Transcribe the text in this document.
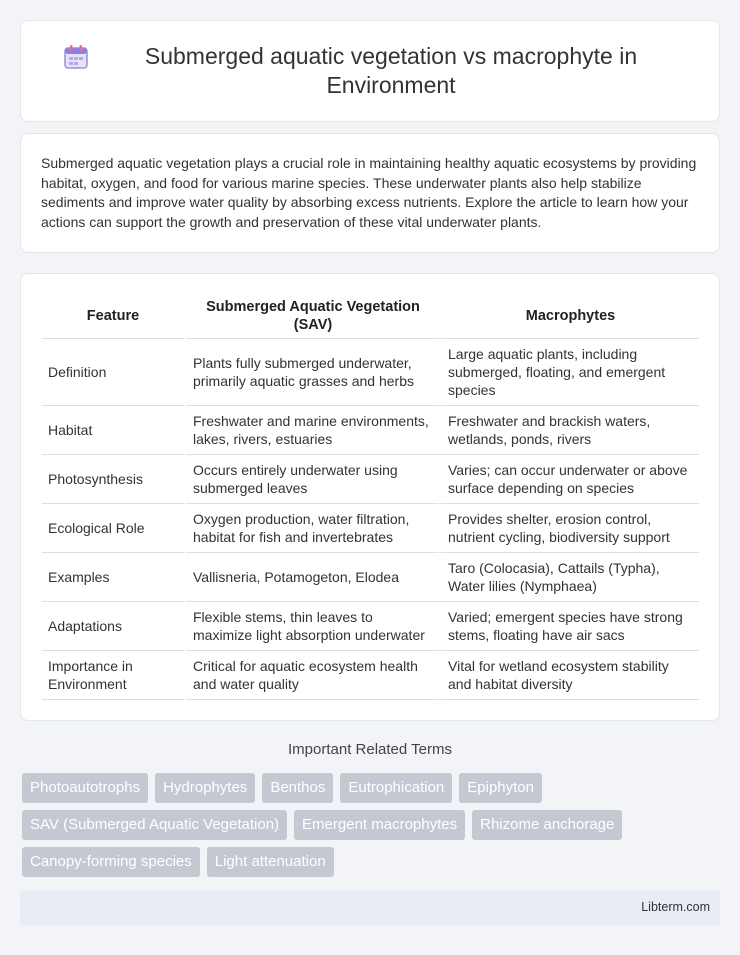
Submerged aquatic vegetation vs macrophyte in Environment

Submerged aquatic vegetation plays a crucial role in maintaining healthy aquatic ecosystems by providing habitat, oxygen, and food for various marine species. These underwater plants also help stabilize sediments and improve water quality by absorbing excess nutrients. Explore the article to learn how your actions can support the growth and preservation of these vital underwater plants.

Feature	Submerged Aquatic Vegetation (SAV)	Macrophytes
Definition	Plants fully submerged underwater, primarily aquatic grasses and herbs	Large aquatic plants, including submerged, floating, and emergent species
Habitat	Freshwater and marine environments, lakes, rivers, estuaries	Freshwater and brackish waters, wetlands, ponds, rivers
Photosynthesis	Occurs entirely underwater using submerged leaves	Varies; can occur underwater or above surface depending on species
Ecological Role	Oxygen production, water filtration, habitat for fish and invertebrates	Provides shelter, erosion control, nutrient cycling, biodiversity support
Examples	Vallisneria, Potamogeton, Elodea	Taro (Colocasia), Cattails (Typha), Water lilies (Nymphaea)
Adaptations	Flexible stems, thin leaves to maximize light absorption underwater	Varied; emergent species have strong stems, floating have air sacs
Importance in Environment	Critical for aquatic ecosystem health and water quality	Vital for wetland ecosystem stability and habitat diversity
Important Related Terms
Photoautotrophs	Hydrophytes	Benthos	Eutrophication	Epiphyton
SAV (Submerged Aquatic Vegetation)	Emergent macrophytes	Rhizome anchorage
Canopy-forming species	Light attenuation
Libterm.com
